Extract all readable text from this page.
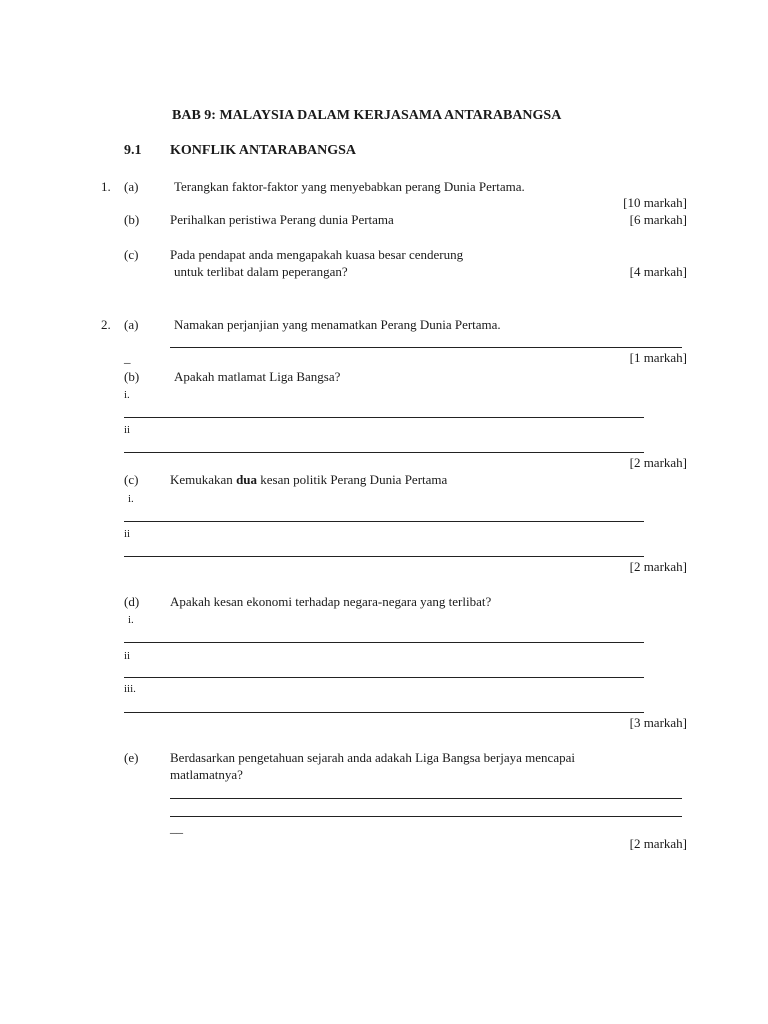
BAB 9: MALAYSIA DALAM KERJASAMA ANTARABANGSA
9.1 KONFLIK ANTARABANGSA
1. (a)	Terangkan faktor-faktor yang menyebabkan perang Dunia Pertama.
[10 markah]
(b) Perihalkan peristiwa Perang dunia Pertama	[6 markah]
(c) Pada pendapat anda mengapakah kuasa besar cenderung
untuk terlibat dalam peperangan?	[4 markah]
2. (a)	Namakan perjanjian yang menamatkan Perang Dunia Pertama.
_	[1 markah]
(b)	Apakah matlamat Liga Bangsa?
i.
ii
[2 markah]
(c) Kemukakan dua kesan politik Perang Dunia Pertama
i.
ii
[2 markah]
(d) Apakah kesan ekonomi terhadap negara-negara yang terlibat?
i.
ii
iii.
[3 markah]
(e) Berdasarkan pengetahuan sejarah anda adakah Liga Bangsa berjaya mencapai
matlamatnya?
__
[2 markah]
